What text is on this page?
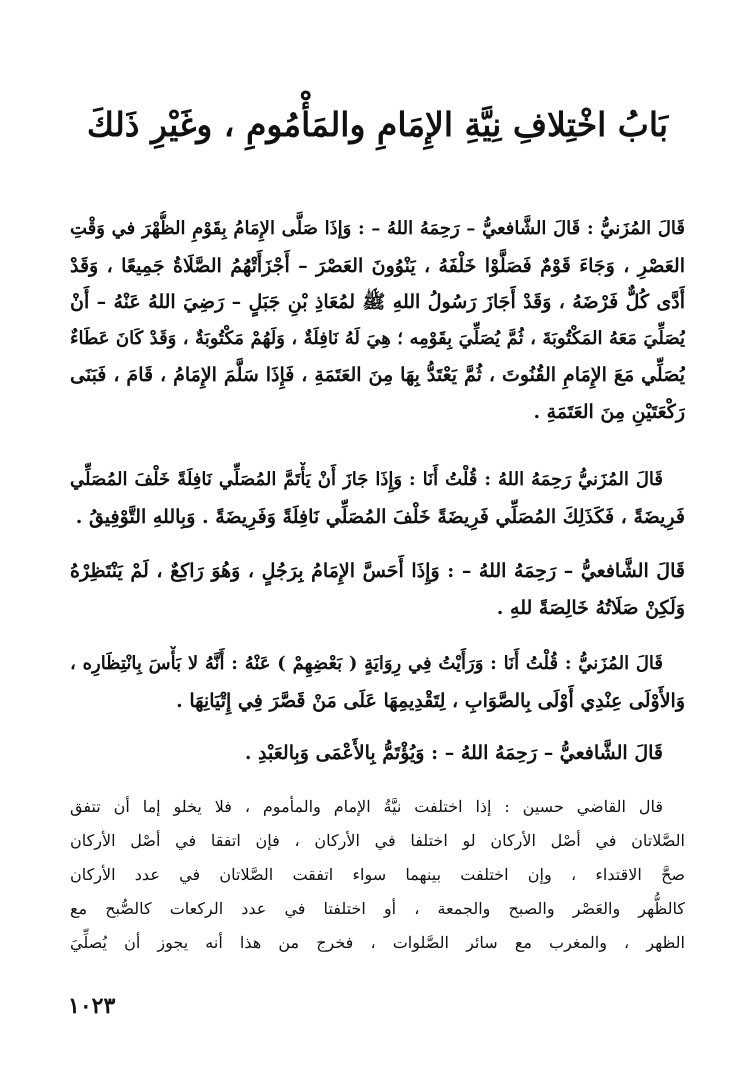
بَابُ اخْتِلافِ نِيَّةِ الإِمَامِ والمَأْمُومِ ، وغَيْرِ ذَلكَ
قَالَ المُزَنيُّ : قَالَ الشَّافعيُّ – رَحِمَهُ اللهُ – : وَإذَا صَلَّى الإِمَامُ بِقَوْمِ الظُّهْرَ في وَقْتِ
العَصْرِ ، وَجَاءَ قَوْمٌ فَصَلَّوْا خَلْفَهُ ، يَنْوُونَ العَصْرَ – أَجْزَأَتْهُمُ الصَّلَاةُ جَمِيعًا ، وَقَدْ
أَدَّى كُلٌّ فَرْضَهُ ، وَقَدْ أَجَازَ رَسُولُ اللهِ ﷺ لمُعَاذِ بْنِ جَبَلٍ – رَضِيَ اللهُ عَنْهُ – أَنْ
يُصَلِّيَ مَعَهُ المَكْتُوبَةَ ، ثُمَّ يُصَلِّيَ بِقَوْمِه ؛ هِيَ لَهُ نَافِلَةٌ ، وَلَهُمْ مَكْتُوبَةٌ ، وَقَدْ كَانَ عَطَاءٌ
يُصَلِّي مَعَ الإِمَامِ القُنُوتَ ، ثُمَّ يَعْتَدُّ بِهَا مِنَ العَتَمَةِ ، فَإِذَا سَلَّمَ الإِمَامُ ، قَامَ ، فَبَنَى
رَكْعَتَيْنِ مِنَ العَتَمَةِ .
قَالَ المُزَنيُّ رَحِمَهُ اللهُ : قُلْتُ أَنَا : وَإِذَا جَازَ أَنْ يَأْتَمَّ المُصَلِّي نَافِلَةً خَلْفَ المُصَلِّي
فَرِيضَةً ، فَكَذَلِكَ المُصَلِّي فَرِيضَةً خَلْفَ المُصَلِّي نَافِلَةً وَفَرِيضَةً . وَبِاللهِ التَّوْفِيقُ .
قَالَ الشَّافعيُّ – رَحِمَهُ اللهُ – : وَإِذَا أَحَسَّ الإِمَامُ بِرَجُلٍ ، وَهُوَ رَاكِعٌ ، لَمْ يَنْتَظِرْهُ
وَلَكِنْ صَلَاتُهُ خَالِصَةً للهِ .
قَالَ المُزَنيُّ : قُلْتُ أَنَا : وَرَأَيْتُ فِي رِوَايَةٍ ( بَعْضِهِمْ ) عَنْهُ : أَنَّهُ لا بَأْسَ بِانْتِظَارِه ،
وَالأَوْلَى عِنْدِي أَوْلَى بِالصَّوَابِ ، لِتَقْدِيمِهَا عَلَى مَنْ قَصَّرَ فِي إِتْيَانِهَا .
قَالَ الشَّافعيُّ – رَحِمَهُ اللهُ – : وَيُؤْتَمُّ بِالأَعْمَى وَبِالعَبْدِ .
قال القاضي حسين : إذا اختلفت نيَّةُ الإمام والمأموم ، فلا يخلو إما أن تتفق
الصَّلاتان في أصْل الأركان لو اختلفا في الأركان ، فإن اتفقا في أصْل الأركان
صحَّ الاقتداء ، وإن اختلفت بينهما سواء اتفقت الصَّلاتان في عدد الأركان
كالظُّهر والعَصْر والصبح والجمعة ، أو اختلفتا في عدد الركعات كالصُّبح مع
الظهر ، والمغرب مع سائر الصَّلوات ، فخرج من هذا أنه يجوز أن يُصلِّيَ
١٠٢٣
